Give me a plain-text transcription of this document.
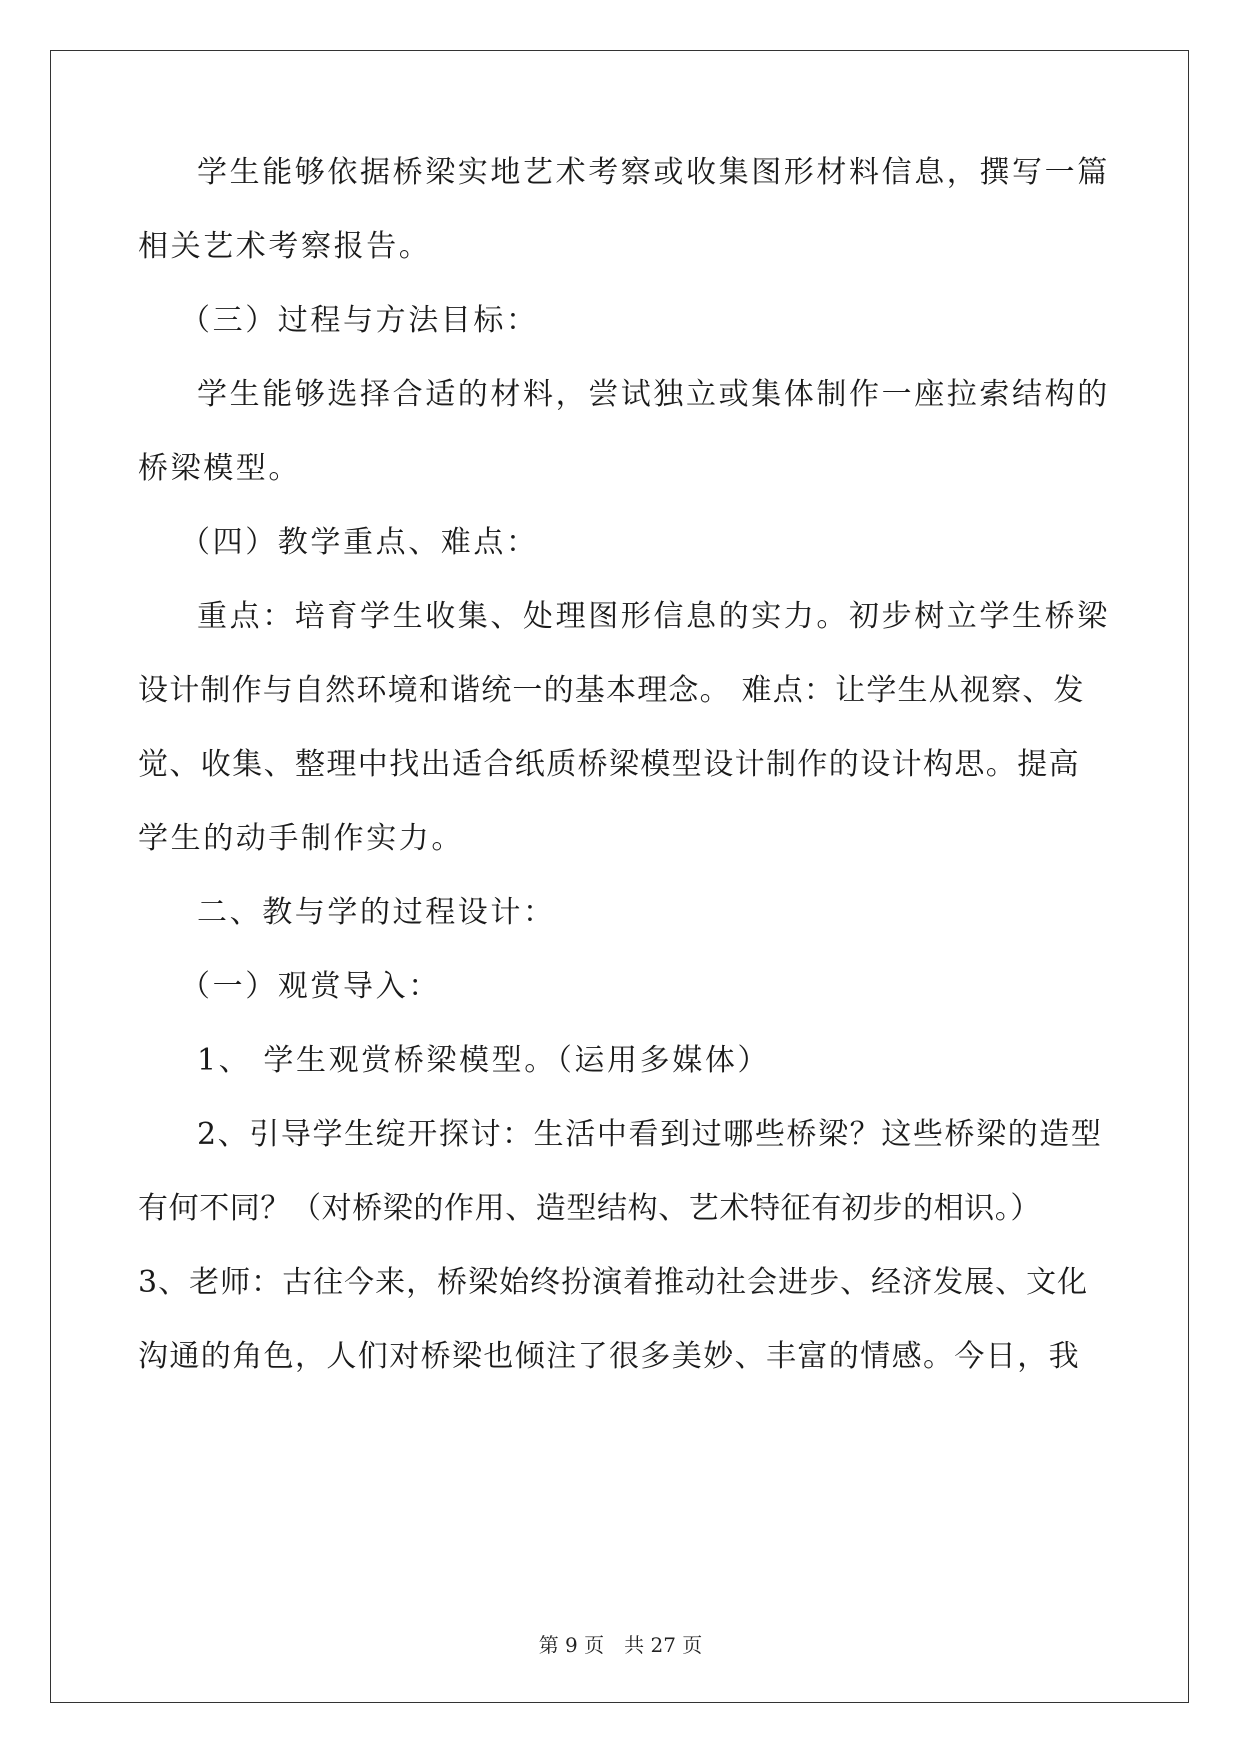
学生能够依据桥梁实地艺术考察或收集图形材料信息，撰写一篇
相关艺术考察报告。
（三）过程与方法目标：
学生能够选择合适的材料，尝试独立或集体制作一座拉索结构的
桥梁模型。
（四）教学重点、难点：
重点：培育学生收集、处理图形信息的实力。初步树立学生桥梁
设计制作与自然环境和谐统一的基本理念。 难点：让学生从视察、发
觉、收集、整理中找出适合纸质桥梁模型设计制作的设计构思。提高
学生的动手制作实力。
二、教与学的过程设计：
（一）观赏导入：
1、 学生观赏桥梁模型。（运用多媒体）
2、引导学生绽开探讨：生活中看到过哪些桥梁？这些桥梁的造型
有何不同？（对桥梁的作用、造型结构、艺术特征有初步的相识。）
3、老师：古往今来，桥梁始终扮演着推动社会进步、经济发展、文化
沟通的角色，人们对桥梁也倾注了很多美妙、丰富的情感。今日，我
第 9 页 共 27 页
